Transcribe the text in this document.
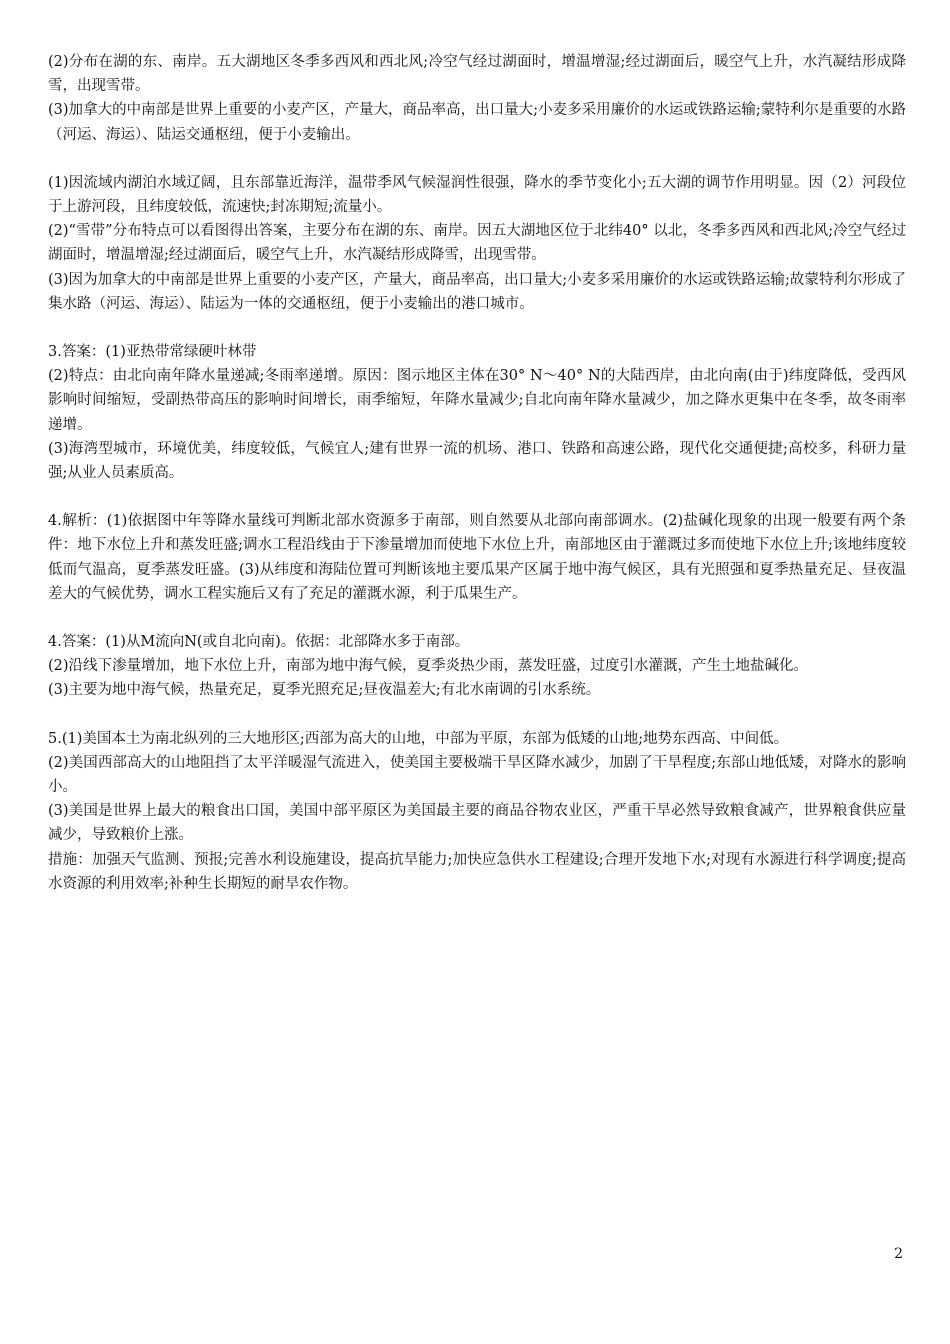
(2)分布在湖的东、南岸。五大湖地区冬季多西风和西北风;冷空气经过湖面时，增温增湿;经过湖面后，暖空气上升，水汽凝结形成降雪，出现雪带。

(3)加拿大的中南部是世界上重要的小麦产区，产量大，商品率高，出口量大;小麦多采用廉价的水运或铁路运输;蒙特利尔是重要的水路（河运、海运）、陆运交通枢纽，便于小麦输出。

(1)因流域内湖泊水域辽阔，且东部靠近海洋，温带季风气候湿润性很强，降水的季节变化小;五大湖的调节作用明显。因（2）河段位于上游河段，且纬度较低，流速快;封冻期短;流量小。

(2)“雪带”分布特点可以看图得出答案，主要分布在湖的东、南岸。因五大湖地区位于北纬40° 以北，冬季多西风和西北风;冷空气经过湖面时，增温增湿;经过湖面后，暖空气上升，水汽凝结形成降雪，出现雪带。

(3)因为加拿大的中南部是世界上重要的小麦产区，产量大，商品率高，出口量大;小麦多采用廉价的水运或铁路运输;故蒙特利尔形成了集水路（河运、海运）、陆运为一体的交通枢纽，便于小麦输出的港口城市。

3.答案：(1)亚热带常绿硬叶林带

(2)特点：由北向南年降水量递减;冬雨率递增。原因：图示地区主体在30° N～40° N的大陆西岸，由北向南(由于)纬度降低，受西风影响时间缩短，受副热带高压的影响时间增长，雨季缩短，年降水量减少;自北向南年降水量减少，加之降水更集中在冬季，故冬雨率递增。

(3)海湾型城市，环境优美，纬度较低，气候宜人;建有世界一流的机场、港口、铁路和高速公路，现代化交通便捷;高校多，科研力量强;从业人员素质高。

4.解析：(1)依据图中年等降水量线可判断北部水资源多于南部，则自然要从北部向南部调水。(2)盐碱化现象的出现一般要有两个条件：地下水位上升和蒸发旺盛;调水工程沿线由于下渗量增加而使地下水位上升，南部地区由于灌溉过多而使地下水位上升;该地纬度较低而气温高，夏季蒸发旺盛。(3)从纬度和海陆位置可判断该地主要瓜果产区属于地中海气候区，具有光照强和夏季热量充足、昼夜温差大的气候优势，调水工程实施后又有了充足的灌溉水源，利于瓜果生产。

4.答案：(1)从M流向N(或自北向南)。依据：北部降水多于南部。

(2)沿线下渗量增加，地下水位上升，南部为地中海气候，夏季炎热少雨，蒸发旺盛，过度引水灌溉，产生土地盐碱化。

(3)主要为地中海气候，热量充足，夏季光照充足;昼夜温差大;有北水南调的引水系统。

5.(1)美国本土为南北纵列的三大地形区;西部为高大的山地，中部为平原，东部为低矮的山地;地势东西高、中间低。

(2)美国西部高大的山地阻挡了太平洋暖湿气流进入，使美国主要极端干旱区降水减少，加剧了干旱程度;东部山地低矮，对降水的影响小。

(3)美国是世界上最大的粮食出口国，美国中部平原区为美国最主要的商品谷物农业区，严重干旱必然导致粮食减产，世界粮食供应量减少，导致粮价上涨。

措施：加强天气监测、预报;完善水利设施建设，提高抗旱能力;加快应急供水工程建设;合理开发地下水;对现有水源进行科学调度;提高水资源的利用效率;补种生长期短的耐旱农作物。

2
